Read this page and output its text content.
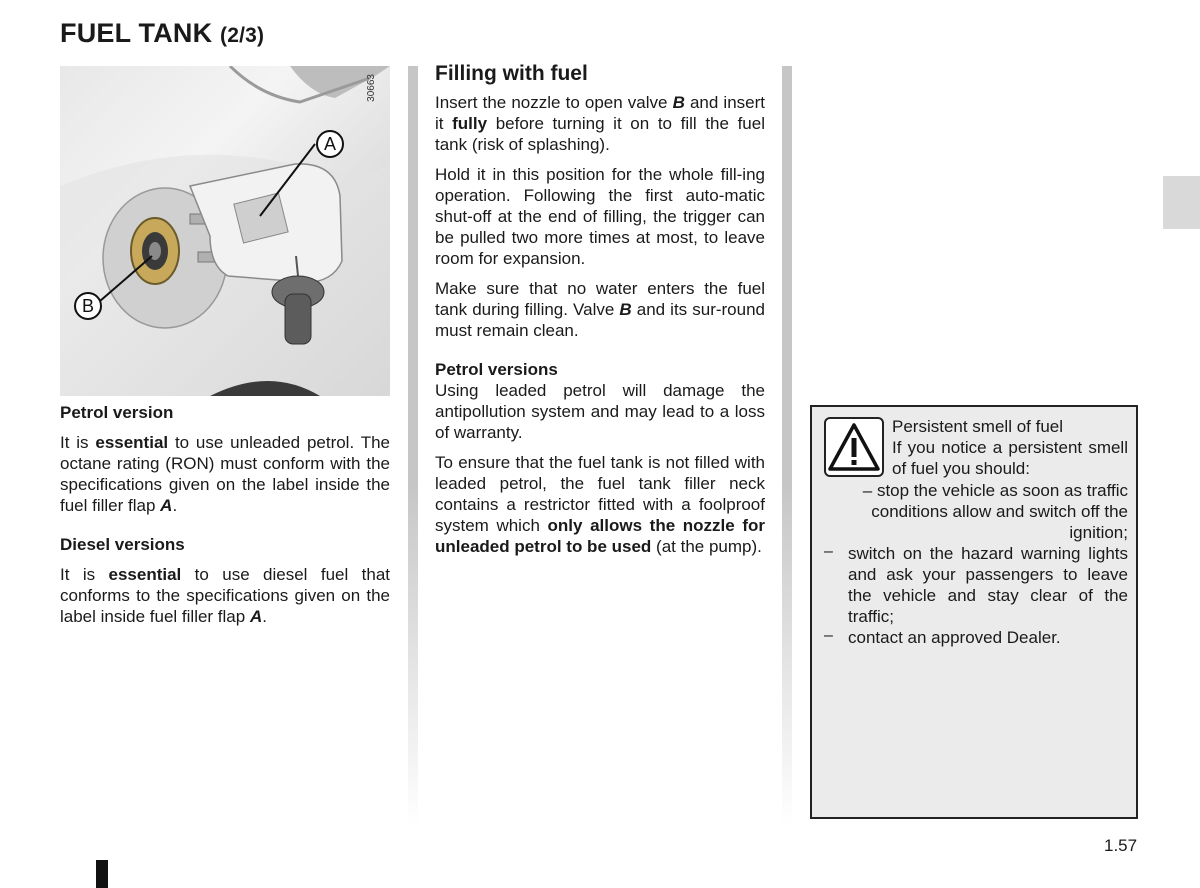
FUEL TANK (2/3)
A
B
30663
Petrol version

It is essential to use unleaded petrol. The octane rating (RON) must conform with the specifications given on the label inside the fuel filler flap A.

Diesel versions

It is essential to use diesel fuel that conforms to the specifications given on the label inside fuel filler flap A.

Filling with fuel

Insert the nozzle to open valve B and insert it fully before turning it on to fill the fuel tank (risk of splashing).

Hold it in this position for the whole fill-ing operation. Following the first auto-matic shut-off at the end of filling, the trigger can be pulled two more times at most, to leave room for expansion.

Make sure that no water enters the fuel tank during filling. Valve B and its sur-round must remain clean.

Petrol versions

Using leaded petrol will damage the antipollution system and may lead to a loss of warranty.

To ensure that the fuel tank is not filled with leaded petrol, the fuel tank filler neck contains a restrictor fitted with a foolproof system which only allows the nozzle for unleaded petrol to be used (at the pump).

Persistent smell of fuel
If you notice a persistent smell of fuel you should:
– stop the vehicle as soon as traffic conditions allow and switch off the ignition;
– switch on the hazard warning lights and ask your passengers to leave the vehicle and stay clear of the traffic;
– contact an approved Dealer.
1.57
